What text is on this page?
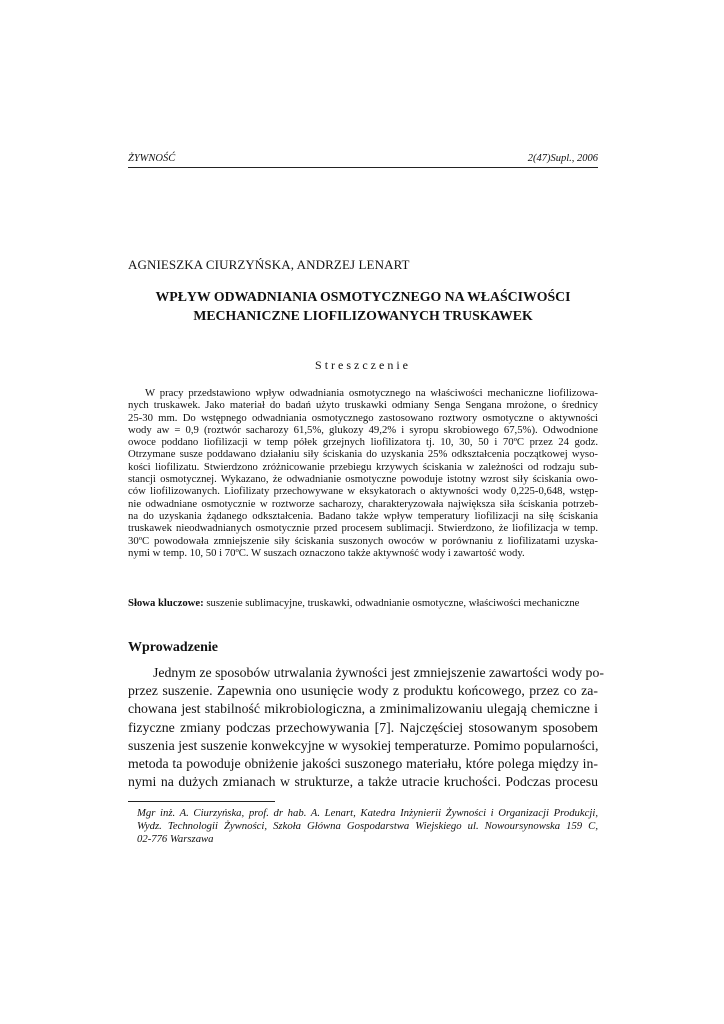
ŻYWNOŚĆ	2(47)Supl., 2006
AGNIESZKA CIURZYŃSKA, ANDRZEJ LENART
WPŁYW ODWADNIANIA OSMOTYCZNEGO NA WŁAŚCIWOŚCI
MECHANICZNE LIOFILIZOWANYCH TRUSKAWEK
Streszczenie
W pracy przedstawiono wpływ odwadniania osmotycznego na właściwości mechaniczne liofilizowa-
nych truskawek. Jako materiał do badań użyto truskawki odmiany Senga Sengana mrożone, o średnicy
25-30 mm. Do wstępnego odwadniania osmotycznego zastosowano roztwory osmotyczne o aktywności
wody aw = 0,9 (roztwór sacharozy 61,5%, glukozy 49,2% i syropu skrobiowego 67,5%). Odwodnione
owoce poddano liofilizacji w temp półek grzejnych liofilizatora tj. 10, 30, 50 i 70ºC przez 24 godz.
Otrzymane susze poddawano działaniu siły ściskania do uzyskania 25% odkształcenia początkowej wyso-
kości liofilizatu. Stwierdzono zróżnicowanie przebiegu krzywych ściskania w zależności od rodzaju sub-
stancji osmotycznej. Wykazano, że odwadnianie osmotyczne powoduje istotny wzrost siły ściskania owo-
ców liofilizowanych. Liofilizaty przechowywane w eksykatorach o aktywności wody 0,225-0,648, wstęp-
nie odwadniane osmotycznie w roztworze sacharozy, charakteryzowała największa siła ściskania potrzeb-
na do uzyskania żądanego odkształcenia. Badano także wpływ temperatury liofilizacji na siłę ściskania
truskawek nieodwadnianych osmotycznie przed procesem sublimacji. Stwierdzono, że liofilizacja w temp.
30ºC powodowała zmniejszenie siły ściskania suszonych owoców w porównaniu z liofilizatami uzyska-
nymi w temp. 10, 50 i 70ºC. W suszach oznaczono także aktywność wody i zawartość wody.
Słowa kluczowe: suszenie sublimacyjne, truskawki, odwadnianie osmotyczne, właściwości mechaniczne
Wprowadzenie
Jednym ze sposobów utrwalania żywności jest zmniejszenie zawartości wody po-
przez suszenie. Zapewnia ono usunięcie wody z produktu końcowego, przez co za-
chowana jest stabilność mikrobiologiczna, a zminimalizowaniu ulegają chemiczne i
fizyczne zmiany podczas przechowywania [7]. Najczęściej stosowanym sposobem
suszenia jest suszenie konwekcyjne w wysokiej temperaturze. Pomimo popularności,
metoda ta powoduje obniżenie jakości suszonego materiału, które polega między in-
nymi na dużych zmianach w strukturze, a także utracie kruchości. Podczas procesu
Mgr inż. A. Ciurzyńska, prof. dr hab. A. Lenart, Katedra Inżynierii Żywności i Organizacji Produkcji,
Wydz. Technologii Żywności, Szkoła Główna Gospodarstwa Wiejskiego ul. Nowoursynowska 159 C,
02-776 Warszawa
